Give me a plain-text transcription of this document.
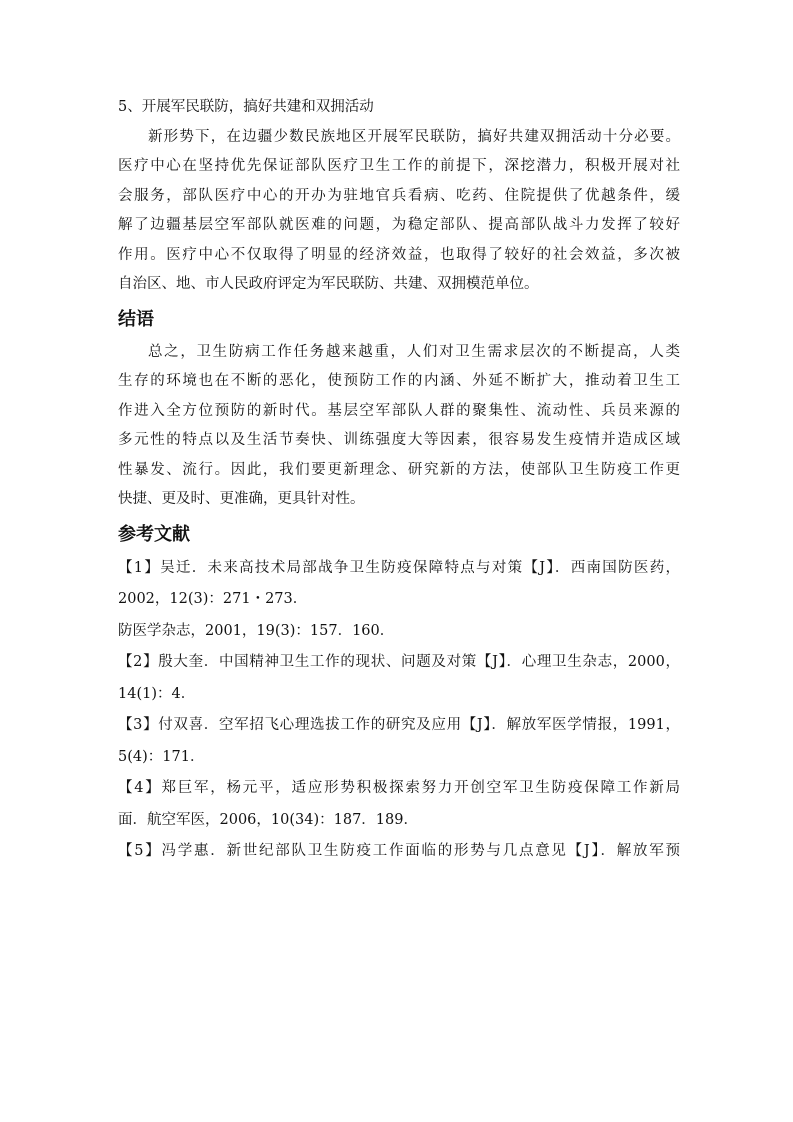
5、开展军民联防，搞好共建和双拥活动
新形势下，在边疆少数民族地区开展军民联防，搞好共建双拥活动十分必要。
医疗中心在坚持优先保证部队医疗卫生工作的前提下，深挖潜力，积极开展对社
会服务，部队医疗中心的开办为驻地官兵看病、吃药、住院提供了优越条件，缓
解了边疆基层空军部队就医难的问题，为稳定部队、提高部队战斗力发挥了较好
作用。医疗中心不仅取得了明显的经济效益，也取得了较好的社会效益，多次被
自治区、地、市人民政府评定为军民联防、共建、双拥模范单位。
结语
总之，卫生防病工作任务越来越重，人们对卫生需求层次的不断提高，人类
生存的环境也在不断的恶化，使预防工作的内涵、外延不断扩大，推动着卫生工
作进入全方位预防的新时代。基层空军部队人群的聚集性、流动性、兵员来源的
多元性的特点以及生活节奏快、训练强度大等因素，很容易发生疫情并造成区域
性暴发、流行。因此，我们要更新理念、研究新的方法，使部队卫生防疫工作更
快捷、更及时、更准确，更具针对性。
参考文献
【1】吴迁．未来高技术局部战争卫生防疫保障特点与对策【J】．西南国防医药，
2002，12(3)：271・273．
防医学杂志，2001，19(3)：157．160．
【2】殷大奎．中国精神卫生工作的现状、问题及对策【J】．心理卫生杂志，2000，
14(1)：4．
【3】付双喜．空军招飞心理选拔工作的研究及应用【J】．解放军医学情报，1991，
5(4)：171．
【4】郑巨军，杨元平，适应形势积极探索努力开创空军卫生防疫保障工作新局
面．航空军医，2006，10(34)：187．189．
【5】冯学惠．新世纪部队卫生防疫工作面临的形势与几点意见【J】．解放军预
